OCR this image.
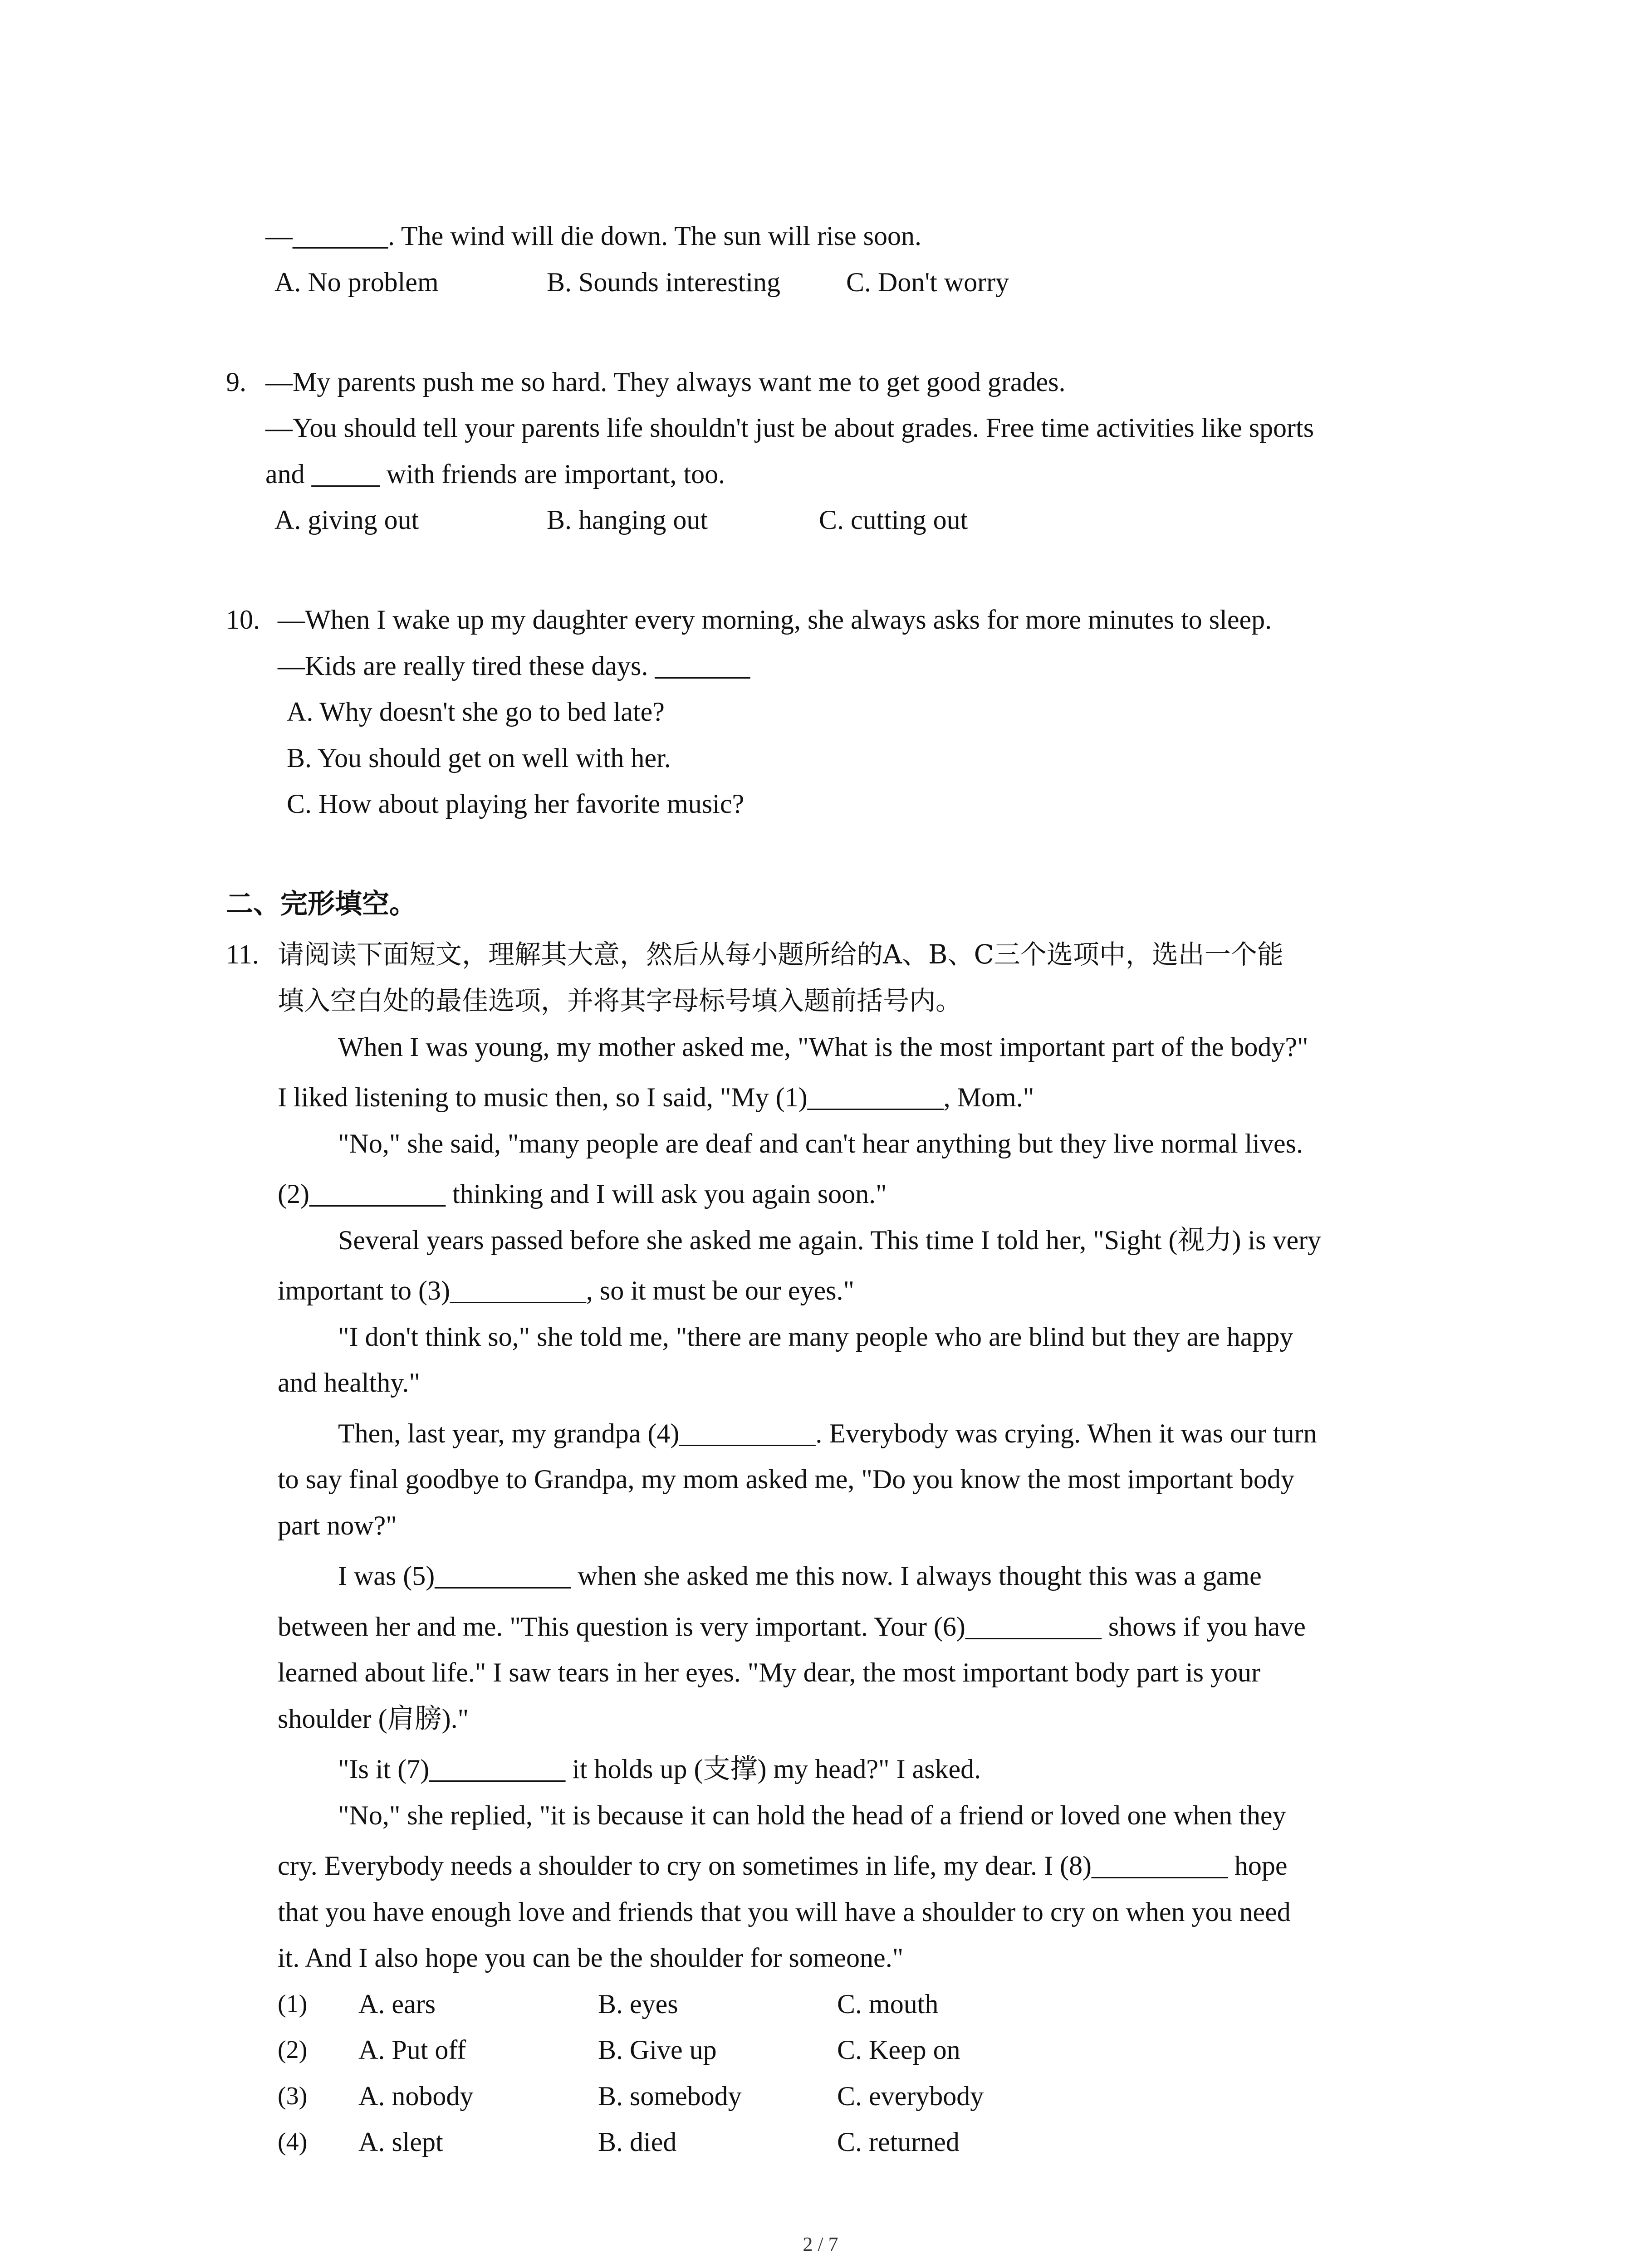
—_______. The wind will die down. The sun will rise soon.
A. No problem	B. Sounds interesting C. Don't worry
9. —My parents push me so hard. They always want me to get good grades.
—You should tell your parents life shouldn't just be about grades. Free time activities like sports
and _____ with friends are important, too.
A. giving out	B. hanging out	C. cutting out
10. —When I wake up my daughter every morning, she always asks for more minutes to sleep.
—Kids are really tired these days. _______
A. Why doesn't she go to bed late?
B. You should get on well with her.
C. How about playing her favorite music?
二、完形填空。
11. 请阅读下面短文，理解其大意，然后从每小题所给的A、B、C三个选项中，选出一个能
填入空白处的最佳选项，并将其字母标号填入题前括号内。
When I was young, my mother asked me, "What is the most important part of the body?"
I liked listening to music then, so I said, "My (1)__________, Mom."
"No," she said, "many people are deaf and can't hear anything but they live normal lives.
(2)__________ thinking and I will ask you again soon."
Several years passed before she asked me again. This time I told her, "Sight (视力) is very
important to (3)__________, so it must be our eyes."
"I don't think so," she told me, "there are many people who are blind but they are happy
and healthy."
Then, last year, my grandpa (4)__________. Everybody was crying. When it was our turn
to say final goodbye to Grandpa, my mom asked me, "Do you know the most important body
part now?"
I was (5)__________ when she asked me this now. I always thought this was a game
between her and me. "This question is very important. Your (6)__________ shows if you have
learned about life." I saw tears in her eyes. "My dear, the most important body part is your
shoulder (肩膀)."
"Is it (7)__________ it holds up (支撑) my head?" I asked.
"No," she replied, "it is because it can hold the head of a friend or loved one when they
cry. Everybody needs a shoulder to cry on sometimes in life, my dear. I (8)__________ hope
that you have enough love and friends that you will have a shoulder to cry on when you need
it. And I also hope you can be the shoulder for someone."
(1) A. ears	B. eyes	C. mouth
(2) A. Put off	B. Give up	C. Keep on
(3) A. nobody	B. somebody	C. everybody
(4) A. slept	B. died	C. returned
2 / 7
